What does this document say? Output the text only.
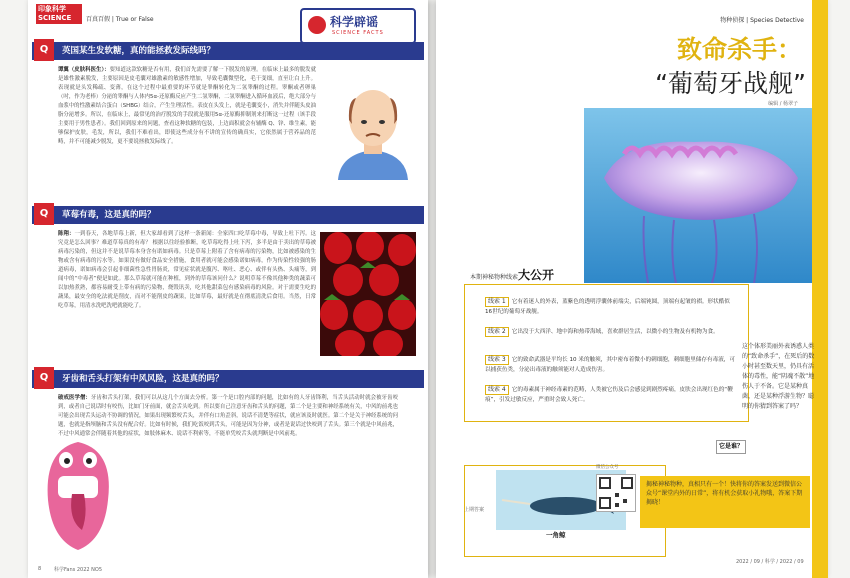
印象科学 SCIENCE	百真百假 | True or False	科学辟谣
SCIENCE FACTS
Q	英国某生发软糖，真的能拯救发际线吗？

谭翼（皮肤科医生）：要知道这款软糖是否有用，我们首先需要了解一下脱发的原理。在临床上最多的脱发就是雄性激素脱发，主要原因是皮毛囊对雄激素的敏感性增加，导致毛囊微型化，毛干变细，直至让白上升。表现就是头发稀疏、变薄，在这个过程中最重要的环节就是睾酮转化为二氢睾酮的过程。睾酮或者卵巢（吋，作为老棒）分泌的睾酮与人体内5α-还原酶反应产生二氢睾酮，二氢睾酮进入循环血液后，绝大部分与血浆中的性激素结合蛋白（SHBG）结合，产生生理活性。表皮在头发上，就是毛囊变小，消失并伴随头皮油脂分泌增多。所以，在临床上，最常见的治疗脱发的手段就是服用5α-还原酶抑制剂来打断这一过程（该手段主要用于男性患者）。我们回到原来的问题，查看这种软糖的包装，上边面积就会有辅酶 Q、锌、维生素，能够保护皮肤，毛发，所以，我们不难看出，即使这些成分有不讲的宣传的确真实，它依然属于营养品的范畴，并不可能减少脱发，更不要说拯救发际线了。

Q	草莓有毒，这是真的吗？

陈翔：一到春天，各地草莓上新，但大家却看到了这样一条新闻：全家四口吃草莓中毒，导致上吐下泻。这究竟是怎么回事？难道草莓真的有毒？ 根据以往经验推断，吃草莓吃得上吐下泻，多半是由于卖出的草莓被病毒污染的，但这并不是说草莓本身含有诺如病毒。只是草莓上附着了含有病毒的污染物，比如被感染的生物或含有病毒的污水等。如果没有做好食品安全措施，食用者就可能会感染诺如病毒，作为传染性较强的肠道病毒，诺如病毒会引起非细菌性急性胃肠炎，常见症状就是腹泻、呕吐、恶心、或伴有头热、头痛等，到闻中的“中毒者”便是如此。那么草莓就可能在种植，到外的草莓该问什么？说明草莓不像其他种类的蔬菜可以加热煮熟，都容易耐受上带有病的污染物，烧毁讯卖，吃其他甜菜包有感染病毒的风险。对于需要生吃的蔬果，最安全的吃法就是削皮，而对不能削皮的蔬果，比如草莓，最好就是在彻底清洗后食用。当然，日常吃草莓，用清水洗吧洗吧就能吃了。

Q	牙齿和舌头打架有中风风险，这是真的吗？

破戒医学僧：牙齿和舌头打架，我们可以从这几个方面去分析。第一个是口腔内部的问题，比如有的人牙齿锋利，当舌头活动时就会被牙齿咬到，或者自己说话时有咬伤，比如门牙前面，就会舌头吃到。所以要自己注意牙齿和舌头的问题，第二个是主要和神经系统有关，中风的前兆也可能会出现舌头运动不协调的情况，如果出现频繁咬舌头，并伴有口角歪斜，说话不清楚等症状，就应该及时就医。第二个是关于神经系统的问题，也就是指颅脑和舌头没有配合好。比如有时候，我们吃饭咬到舌头，可能是因为分神，或者是说话过快咬到了舌头。第三个就是中风前兆，不过中风通常会伴随着其他的症状，如肢体麻木、说话不利索等，不能单凭咬舌头就判断是中风前兆。

8	科学Fans 2022 NO5
物种侦探 | Species Detective
致命杀手：
“葡萄牙战舰”
编辑 / 杨翠子
本期神秘物种线索大公开
线索 1 它有着迷人的外表，蓝紫色的透明浮囊体前端尖，后端钝圆，顶端有起皱的褶。形状酷似16世纪的葡萄牙战舰。
线索 2 它出没于大西洋、地中海和热带海域，喜欢群居生活，以微小的生物及有机物为食。
线索 3 它的致命武器是平均长 10 米的触须，其中密布着微小的刺细胞，刺细胞里储存有毒液，可以捕获鱼类，分泌出毒液的触须能对人造成伤害。
线索 4 它的毒素属于神经毒素的范畴，人类被它伤及后会感觉到剧烈疼痛，皮肤会出现红色的“鞭痕”，引发过敏反应，严重时会致人死亡。
这个体形美丽外表诱惑人类的“致命杀手”，在死后的数小时甚至数天里，仍具有活体的毒性，能“阴魂不散”地伤人于不备。它是某种真菌，还是某种浮游生物？聪明的你猜到答案了吗？
它是谁？
上期答案
一角鲸
微信公众号
揭秘神秘物种，真相只有一个！快将你的答案发送到微信公众号“课堂内外的日常”，将有机会获取小礼物哦，答案下期揭晓！
2022 / 09 / 科学 / 2022 / 09
